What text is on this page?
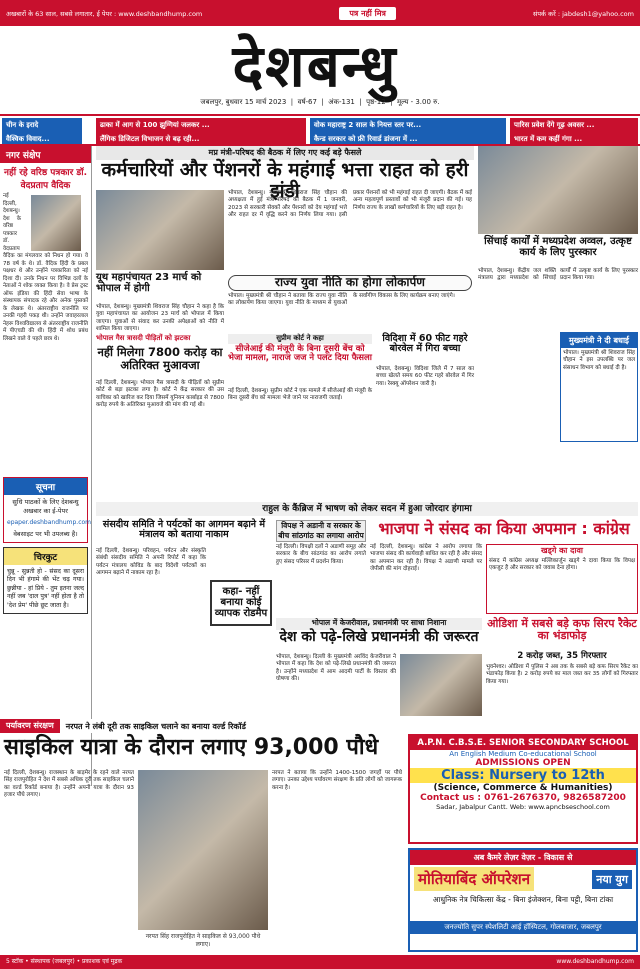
अखबारों के 63 साल, सबसे लगातार, ई पेपर : www.deshbandhump.com	पत्र नहीं मित्र	संपर्क करें : jabdesh1@yahoo.com
देशबन्धु
जबलपुर, बुधवार 15 मार्च 2023  |  वर्ष-67  |  अंक-131  |  पृष्ठ-12  |  मूल्य - 3.00 रु.
चीन के इरादे
वैश्विक विवाद...
ढाका में आग से 100 झुग्गियां जलकर ...
लैंगिक डिजिटल विभाजन से बढ़ रही...
वोक महाराष्ट्र 2 साल के नियत्त स्तर पर...
कैन्ड सरकार को फ्री रिवार्ड डांजना में ...
पारिस प्रवेश देंगे गूढ़ अवसर ...
भारत में कम कहीं गंगा ...
नगर संक्षेप
नहीं रहे वरिष्ठ पत्रकार डॉ. वेदप्रताप वैदिक
नई दिल्ली, देशबन्धु। देश के वरिष्ठ पत्रकार डॉ. वेदप्रताप वैदिक का मंगलवार को निधन हो गया। वे 78 वर्ष के थे। डॉ. वैदिक हिंदी के प्रबल पक्षधर थे और उन्होंने पत्रकारिता को नई दिशा दी। उनके निधन पर विभिन्न दलों के नेताओं ने शोक व्यक्त किया है। वे प्रेस ट्रस्ट ऑफ इंडिया की हिंदी सेवा भाषा के संस्थापक संपादक रहे और अनेक पुस्तकों के लेखक थे। अंतरराष्ट्रीय राजनीति पर उनकी गहरी पकड़ थी। उन्होंने जवाहरलाल नेहरू विश्वविद्यालय से अंतरराष्ट्रीय राजनीति में पीएचडी की थी। हिंदी में शोध प्रबंध लिखने वाले वे पहले छात्र थे।
सूचना
सुधि पाठकों के लिए देशबन्धु अखबार का ई-पेपर
epaper.deshbandhump.com
वेबसाइट पर भी उपलब्ध है।
चिरकुट
चुन्नू - सुन्नती हो - संसद का दूसरा दिन भी हंगामे की भेंट चढ़ गया। छुन्नीया - हां प्रिये - तुम इतना जल्द नहीं जब 'दाल पुत्र' नहीं होता है तो 'देश प्रेम' पीछे छूट जाता है।
मप्र मंत्री-परिषद की बैठक में लिए गए कई बड़े फैसले
कर्मचारियों और पेंशनरों के महंगाई भत्ता राहत को हरी झंडी
भोपाल, देशबन्धु। मुख्यमंत्री शिवराज सिंह चौहान की अध्यक्षता में हुई मंत्री-परिषद की बैठक में 1 जनवरी, 2023 से सरकारी सेवकों और पेंशनरों को देय महंगाई भत्ते और राहत दर में वृद्धि करने का निर्णय लिया गया। इसी प्रकार पेंशनरों को भी महंगाई राहत दी जाएगी। बैठक में कई अन्य महत्वपूर्ण प्रस्तावों को भी मंजूरी प्रदान की गई। यह निर्णय राज्य के लाखों कर्मचारियों के लिए बड़ी राहत है।
यूथ महापंचायत 23 मार्च को भोपाल में होगी
भोपाल, देशबन्धु। मुख्यमंत्री शिवराज सिंह चौहान ने कहा है कि युवा महापंचायत का आयोजन 23 मार्च को भोपाल में किया जाएगा। युवाओं से संवाद कर उनकी अपेक्षाओं को नीति में शामिल किया जाएगा।
राज्य युवा नीति का होगा लोकार्पण
भोपाल। मुख्यमंत्री श्री चौहान ने बताया कि राज्य युवा नीति का लोकार्पण किया जाएगा। युवा नीति के माध्यम से युवाओं के सर्वांगीण विकास के लिए कार्यक्रम बनाए जाएंगे।
भोपाल गैस त्रासदी पीड़ितों को झटका
नहीं मिलेगा 7800 करोड़ का अतिरिक्त मुआवजा
नई दिल्ली, देशबन्धु। भोपाल गैस त्रासदी के पीड़ितों को सुप्रीम कोर्ट से बड़ा झटका लगा है। कोर्ट ने केंद्र सरकार की उस याचिका को खारिज कर दिया जिसमें यूनियन कार्बाइड से 7800 करोड़ रुपये के अतिरिक्त मुआवजे की मांग की गई थी।
सुप्रीम कोर्ट ने कहा
सीजेआई की मंजूरी के बिना दूसरी बेंच को भेजा मामला, नाराज जज ने पलट दिया फैसला
नई दिल्ली, देशबन्धु। सुप्रीम कोर्ट ने एक मामले में सीजेआई की मंजूरी के बिना दूसरी बेंच को मामला भेजे जाने पर नाराजगी जताई।
विदिशा में 60 फीट गहरे बोरवेल में गिरा बच्चा
भोपाल, देशबन्धु। विदिशा जिले में 7 साल का बच्चा खेलते समय 60 फीट गहरे बोरवेल में गिर गया। रेस्क्यू ऑपरेशन जारी है।
सिंचाई कार्यों में मध्यप्रदेश अव्वल, उत्कृष्ट कार्य के लिए पुरस्कार
भोपाल, देशबन्धु। केंद्रीय जल शक्ति मंत्रालय द्वारा मध्यप्रदेश को सिंचाई कार्यों में उत्कृष्ट कार्य के लिए पुरस्कार प्रदान किया गया।
मुख्यमंत्री ने दी बधाई
भोपाल। मुख्यमंत्री श्री शिवराज सिंह चौहान ने इस उपलब्धि पर जल संसाधन विभाग को बधाई दी है।
राहुल के कैंब्रिज में भाषण को लेकर सदन में हुआ जोरदार हंगामा
संसदीय समिति ने पर्यटकों का आगमन बढ़ाने में मंत्रालय को बताया नाकाम
नई दिल्ली, देशबन्धु। परिवहन, पर्यटन और संस्कृति संबंधी संसदीय समिति ने अपनी रिपोर्ट में कहा कि पर्यटन मंत्रालय कोविड के बाद विदेशी पर्यटकों का आगमन बढ़ाने में नाकाम रहा है।
कहा- नहीं बनाया कोई व्यापक रोडमैप
विपक्ष ने अडानी व सरकार के बीच सांठगांठ का लगाया आरोप
नई दिल्ली। विपक्षी दलों ने अडाणी समूह और सरकार के बीच सांठगांठ का आरोप लगाते हुए संसद परिसर में प्रदर्शन किया।
भाजपा ने संसद का किया अपमान : कांग्रेस
नई दिल्ली, देशबन्धु। कांग्रेस ने आरोप लगाया कि भाजपा संसद की कार्यवाही बाधित कर रही है और संसद का अपमान कर रही है। विपक्ष ने अडाणी मामले पर जेपीसी की मांग दोहराई।
खड्गे का दावा
संसद में कांग्रेस अध्यक्ष मल्लिकार्जुन खड्गे ने दावा किया कि विपक्ष एकजुट है और सरकार को जवाब देना होगा।
भोपाल में केजरीवाल, प्रधानमंत्री पर साधा निशाना
देश को पढ़े-लिखे प्रधानमंत्री की जरूरत
भोपाल, देशबन्धु। दिल्ली के मुख्यमंत्री अरविंद केजरीवाल ने भोपाल में कहा कि देश को पढ़े-लिखे प्रधानमंत्री की जरूरत है। उन्होंने मध्यप्रदेश में आम आदमी पार्टी के विस्तार की घोषणा की।
ओडिशा में सबसे बड़े कफ सिरप रैकेट का भंडाफोड़
2 करोड़ जब्त, 35 गिरफ्तार
भुवनेश्वर। ओडिशा में पुलिस ने अब तक के सबसे बड़े कफ सिरप रैकेट का भंडाफोड़ किया है। 2 करोड़ रुपये का माल जब्त कर 35 लोगों को गिरफ्तार किया गया।
पर्यावरण संरक्षण	नरपत ने लंबी दूरी तक साइकिल चलाने का बनाया वर्ल्ड रिकॉर्ड
साइकिल यात्रा के दौरान लगाए 93,000 पौधे
नई दिल्ली, देशबन्धु। राजस्थान के बाड़मेर के रहने वाले नरपत सिंह राजपुरोहित ने देश में सबसे अधिक दूरी तक साइकिल चलाने का वर्ल्ड रिकॉर्ड बनाया है। उन्होंने अपनी यात्रा के दौरान 93 हजार पौधे लगाए।
नरपत सिंह राजपुरोहित ने साइकिल से 93,000 पौधे लगाए।
नरपत ने बताया कि उन्होंने 1400-1500 जगहों पर पौधे लगाए। उनका उद्देश्य पर्यावरण संरक्षण के प्रति लोगों को जागरूक करना है।
A.P.N. C.B.S.E. SENIOR SECONDARY SCHOOL
An English Medium Co-educational School
ADMISSIONS OPEN
Class: Nursery to 12th
(Science, Commerce & Humanities)
Contact us : 0761-2676370, 9826587200
Sadar, Jabalpur Cantt. Web: www.apncbseschool.com
अब कैमरे लेज़र वेज़र - विकास से
मोतियाबिंद ऑपरेशन	नया युग
आधुनिक नेत्र चिकित्सा केंद्र - बिना इंजेक्शन, बिना पट्टी, बिना टांका
जनज्योति सुपर स्पेशलिटी आई हॉस्पिटल, गोलबाजार, जबलपुर
5 स्टॉक • संस्थापक (जबलपुर) • प्रकाशक एवं मुद्रक	www.deshbandhump.com
